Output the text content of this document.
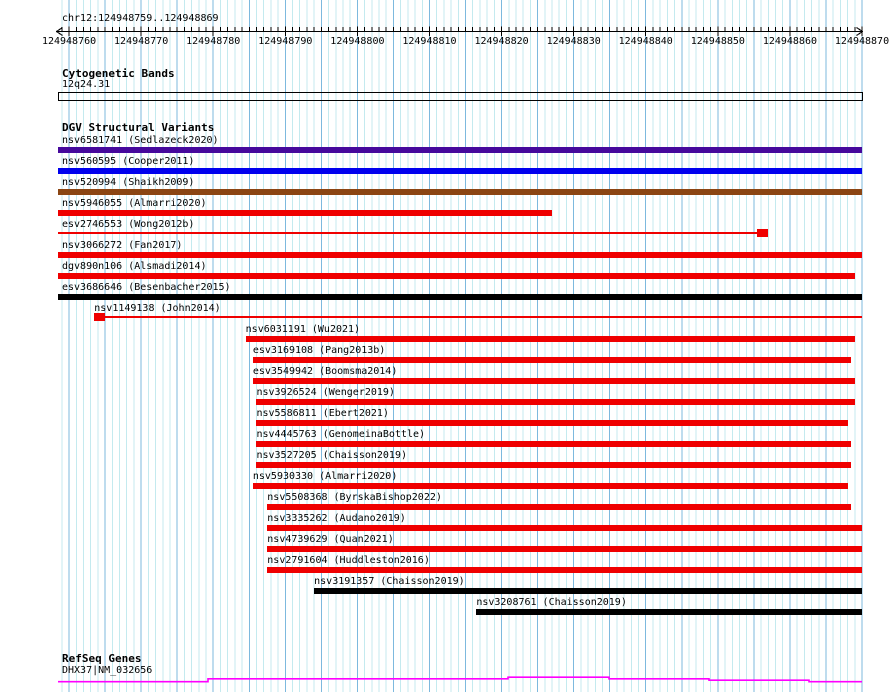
chr12:124948759..124948869
124948760 124948770 124948780 124948790 124948800 124948810 124948820 124948830 124948840 124948850 124948860 124948870
Cytogenetic Bands
12q24.31
DGV Structural Variants
nsv6581741 (Sedlazeck2020)
nsv560595 (Cooper2011)
nsv520994 (Shaikh2009)
nsv5946055 (Almarri2020)
esv2746553 (Wong2012b)
nsv3066272 (Fan2017)
dgv890n106 (Alsmadi2014)
esv3686646 (Besenbacher2015)
nsv1149138 (John2014)
nsv6031191 (Wu2021)
esv3169108 (Pang2013b)
esv3549942 (Boomsma2014)
nsv3926524 (Wenger2019)
nsv5586811 (Ebert2021)
nsv4445763 (GenomeinaBottle)
nsv3527205 (Chaisson2019)
nsv5930330 (Almarri2020)
nsv5508368 (ByrskaBishop2022)
nsv3335262 (Audano2019)
nsv4739629 (Quan2021)
nsv2791604 (Huddleston2016)
nsv3191357 (Chaisson2019)
nsv3208761 (Chaisson2019)
RefSeq Genes
DHX37|NM_032656
